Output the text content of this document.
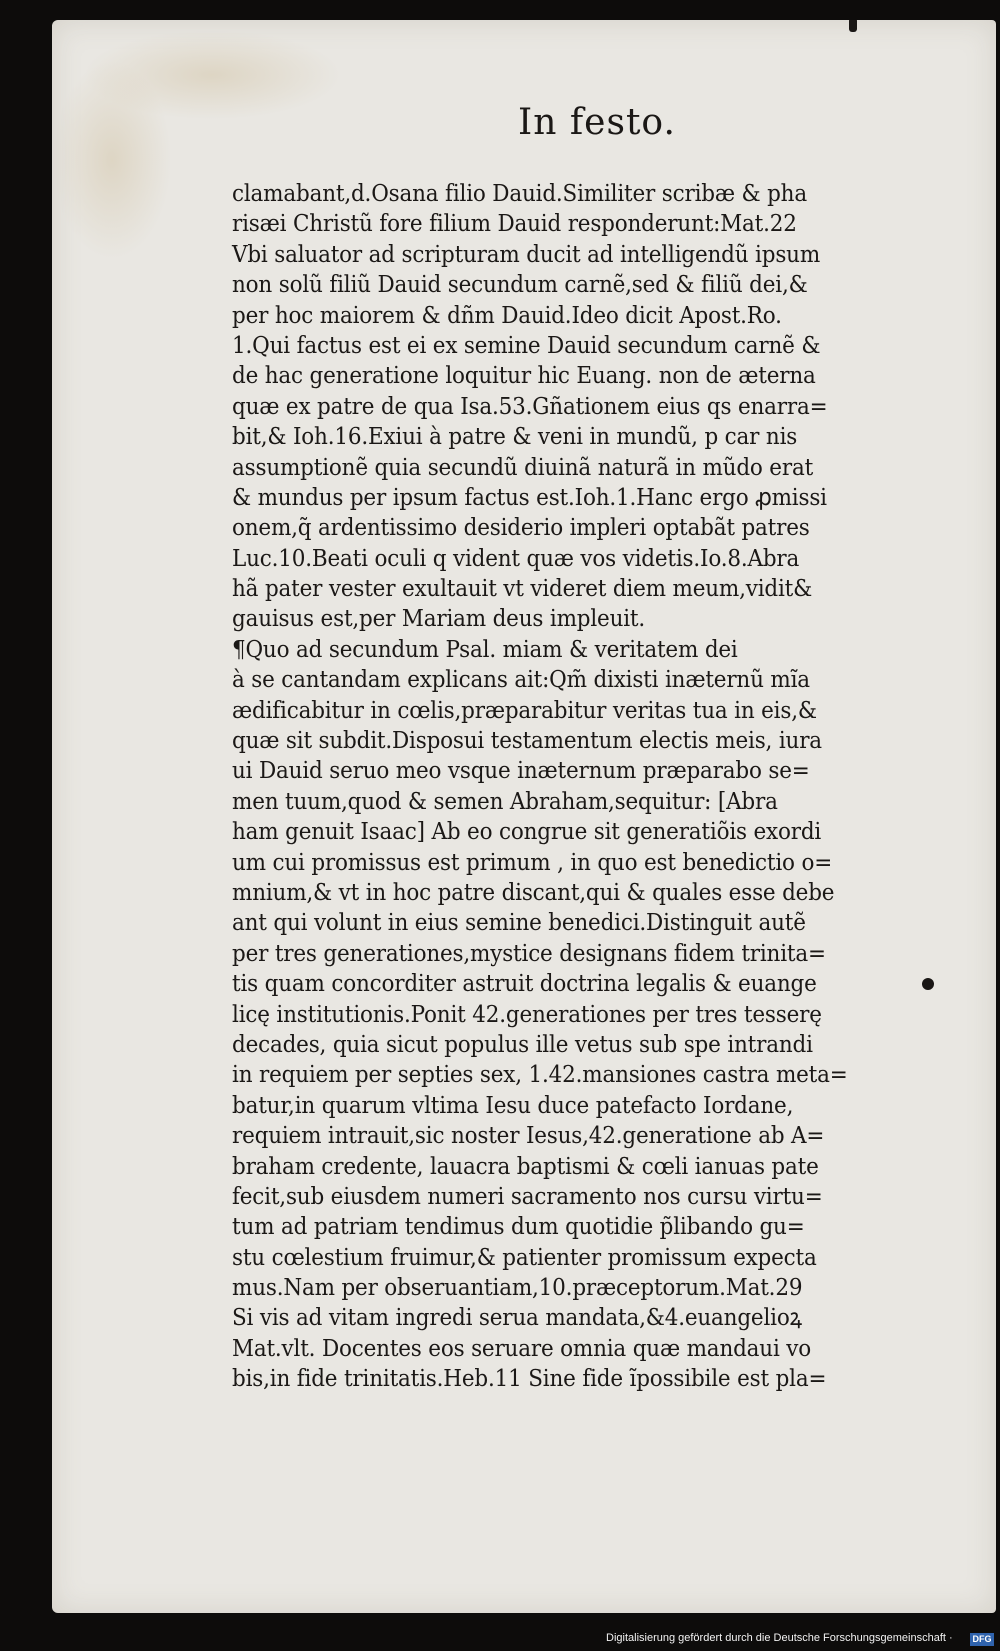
In festo.
clamabant,d.Osana filio Dauid.Similiter scribæ & pha
risæi Christũ fore filium Dauid responderunt:Mat.22
Vbi saluator ad scripturam ducit ad intelligendũ ipsum
non solũ filiũ Dauid secundum carnẽ,sed & filiũ dei,&
per hoc maiorem & dñm Dauid.Ideo dicit Apost.Ro.
1.Qui factus est ei ex semine Dauid secundum carnẽ &
de hac generatione loquitur hic Euang. non de æterna
quæ ex patre de qua Isa.53.Gñationem eius qs enarra=
bit,& Ioh.16.Exiui à patre & veni in mundũ, p car nis
assumptionẽ quia secundũ diuinã naturã in mũdo erat
& mundus per ipsum factus est.Ioh.1.Hanc ergo ꝓmissi
onem,q̃ ardentissimo desiderio impleri optabãt patres
Luc.10.Beati oculi q vident quæ vos videtis.Io.8.Abra
hã pater vester exultauit vt videret diem meum,vidit&
gauisus est,per Mariam deus impleuit.
¶Quo ad secundum Psal. miam & veritatem dei
à se cantandam explicans ait:Qm̃ dixisti inæternũ mĩa
ædificabitur in cœlis,præparabitur veritas tua in eis,&
quæ sit subdit.Disposui testamentum electis meis, iura
ui Dauid seruo meo vsque inæternum præparabo se=
men tuum,quod & semen Abraham,sequitur: [Abra
ham genuit Isaac] Ab eo congrue sit generatiõis exordi
um cui promissus est primum , in quo est benedictio o=
mnium,& vt in hoc patre discant,qui & quales esse debe
ant qui volunt in eius semine benedici.Distinguit autẽ
per tres generationes,mystice designans fidem trinita=
tis quam concorditer astruit doctrina legalis & euange
licę institutionis.Ponit 42.generationes per tres tesserę
decades, quia sicut populus ille vetus sub spe intrandi
in requiem per septies sex, 1.42.mansiones castra meta=
batur,in quarum vltima Iesu duce patefacto Iordane,
requiem intrauit,sic noster Iesus,42.generatione ab A=
braham credente, lauacra baptismi & cœli ianuas pate
fecit,sub eiusdem numeri sacramento nos cursu virtu=
tum ad patriam tendimus dum quotidie p̃libando gu=
stu cœlestium fruimur,& patienter promissum expecta
mus.Nam per obseruantiam,10.præceptorum.Mat.29
Si vis ad vitam ingredi serua mandata,&4.euangelioꝝ
Mat.vlt. Docentes eos seruare omnia quæ mandaui vo
bis,in fide trinitatis.Heb.11 Sine fide ĩpossibile est pla=
Digitalisierung gefördert durch die Deutsche Forschungsgemeinschaft · DFG
